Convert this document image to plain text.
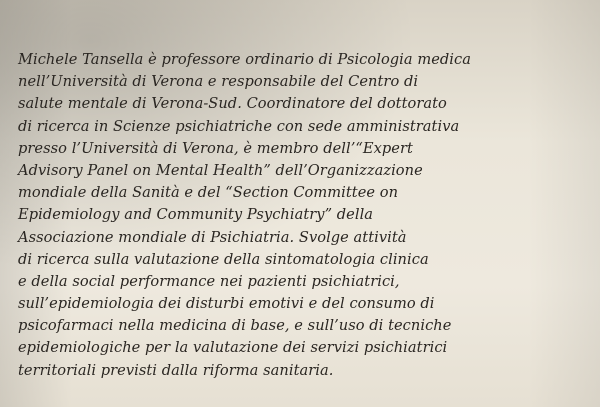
Michele Tansella è professore ordinario di Psicologia medica
nell’Università di Verona e responsabile del Centro di
salute mentale di Verona-Sud. Coordinatore del dottorato
di ricerca in Scienze psichiatriche con sede amministrativa
presso l’Università di Verona, è membro dell’“Expert
Advisory Panel on Mental Health” dell’Organizzazione
mondiale della Sanità e del “Section Committee on
Epidemiology and Community Psychiatry” della
Associazione mondiale di Psichiatria. Svolge attività
di ricerca sulla valutazione della sintomatologia clinica
e della social performance nei pazienti psichiatrici,
sull’epidemiologia dei disturbi emotivi e del consumo di
psicofarmaci nella medicina di base, e sull’uso di tecniche
epidemiologiche per la valutazione dei servizi psichiatrici
territoriali previsti dalla riforma sanitaria.
